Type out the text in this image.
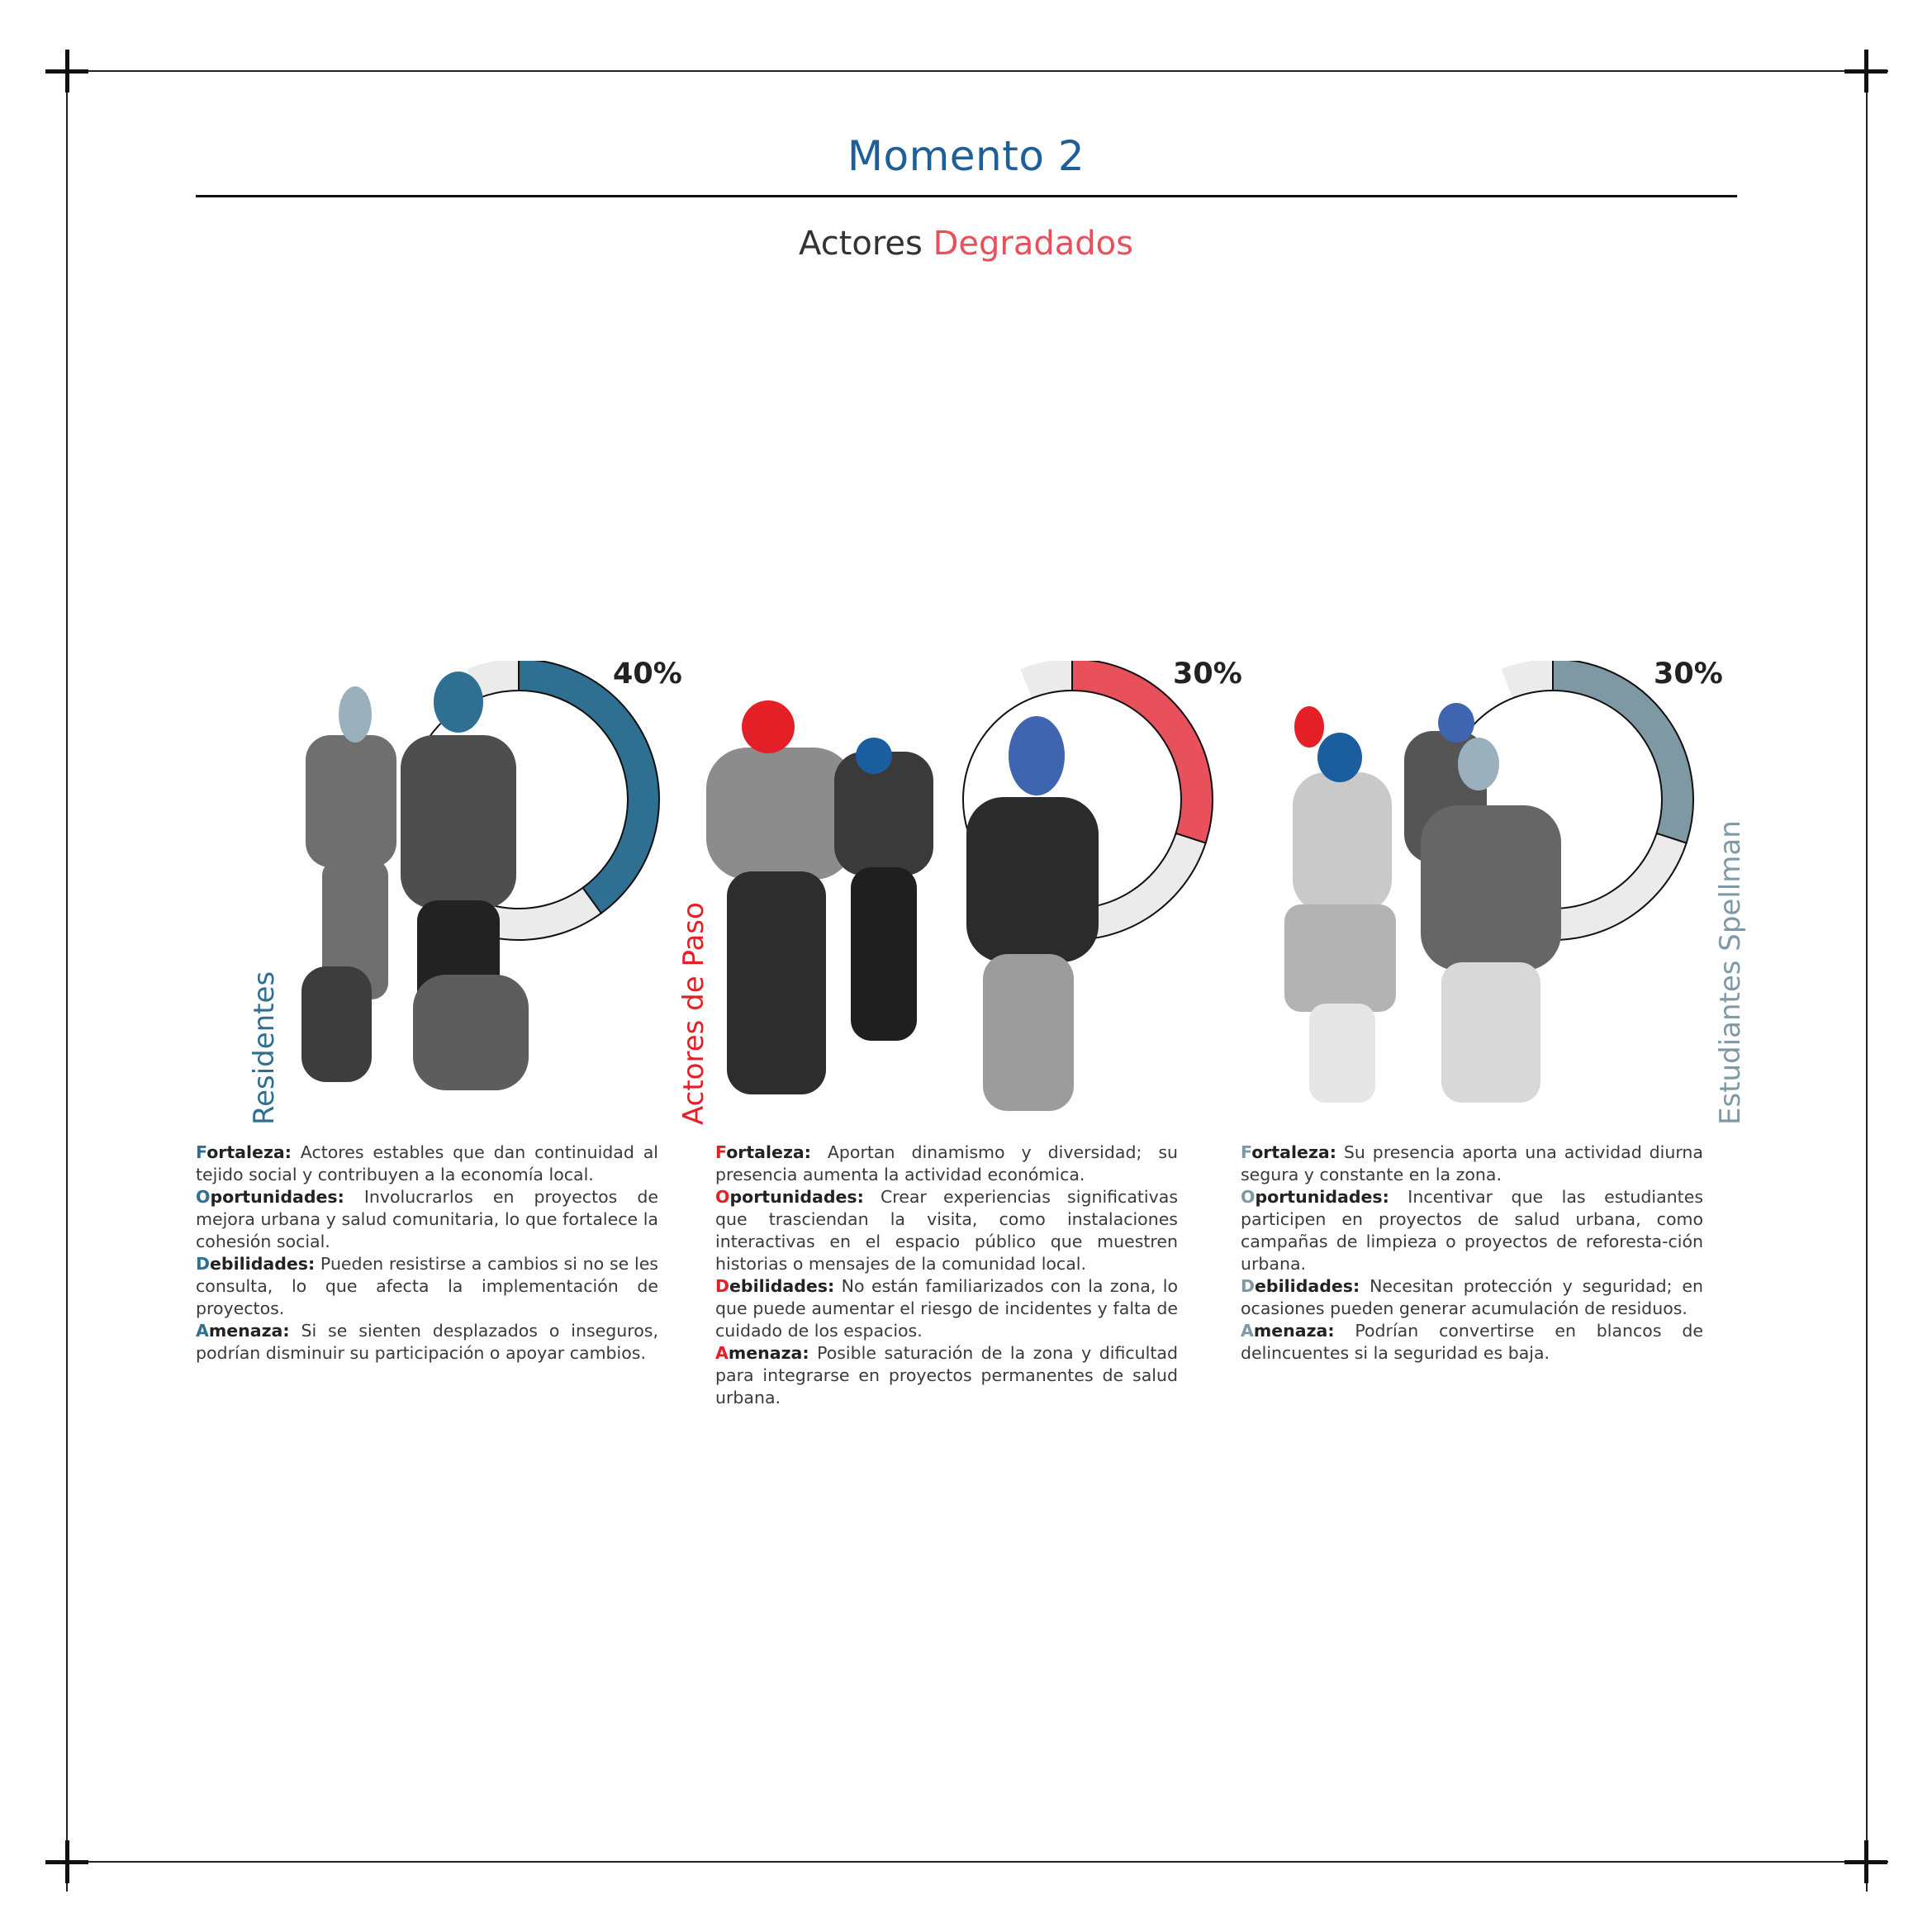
Momento 2
Actores Degradados
40%
Residentes

Fortaleza: Actores estables que dan continuidad al tejido social y contribuyen a la economía local.

Oportunidades: Involucrarlos en proyectos de mejora urbana y salud comunitaria, lo que fortalece la cohesión social.

Debilidades: Pueden resistirse a cambios si no se les consulta, lo que afecta la implementación de proyectos.

Amenaza: Si se sienten desplazados o inseguros, podrían disminuir su participación o apoyar cambios.

30%
Actores de Paso

Fortaleza: Aportan dinamismo y diversidad; su presencia aumenta la actividad económica.

Oportunidades: Crear experiencias significativas que trasciendan la visita, como instalaciones interactivas en el espacio público que muestren historias o mensajes de la comunidad local.

Debilidades: No están familiarizados con la zona, lo que puede aumentar el riesgo de incidentes y falta de cuidado de los espacios.

Amenaza: Posible saturación de la zona y dificultad para integrarse en proyectos permanentes de salud urbana.

30%
Estudiantes Spellman

Fortaleza: Su presencia aporta una actividad diurna segura y constante en la zona.

Oportunidades: Incentivar que las estudiantes participen en proyectos de salud urbana, como campañas de limpieza o proyectos de reforesta-ción urbana.

Debilidades: Necesitan protección y seguridad; en ocasiones pueden generar acumulación de residuos.

Amenaza: Podrían convertirse en blancos de delincuentes si la seguridad es baja.
